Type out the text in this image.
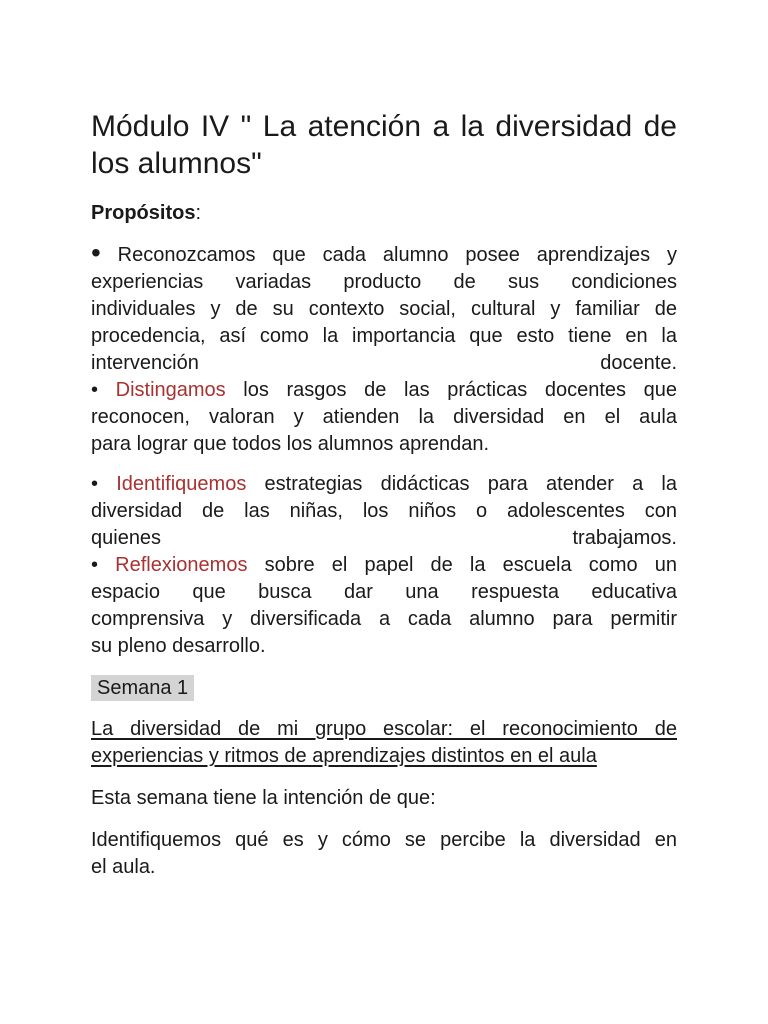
Módulo IV " La atención a la diversidad de
los alumnos"

Propósitos:

• Reconozcamos que cada alumno posee aprendizajes y
experiencias variadas producto de sus condiciones
individuales y de su contexto social, cultural y familiar de
procedencia, así como la importancia que esto tiene en la
intervención	docente.
• Distingamos los rasgos de las prácticas docentes que
reconocen, valoran y atienden la diversidad en el aula
para lograr que todos los alumnos aprendan.
• Identifiquemos estrategias didácticas para atender a la
diversidad de las niñas, los niños o adolescentes con
quienes	trabajamos.
• Reflexionemos sobre el papel de la escuela como un
espacio que busca dar una respuesta educativa
comprensiva y diversificada a cada alumno para permitir
su pleno desarrollo.
Semana 1
La diversidad de mi grupo escolar: el reconocimiento de
experiencias y ritmos de aprendizajes distintos en el aula

Esta semana tiene la intención de que:

Identifiquemos qué es y cómo se percibe la diversidad en
el aula.
